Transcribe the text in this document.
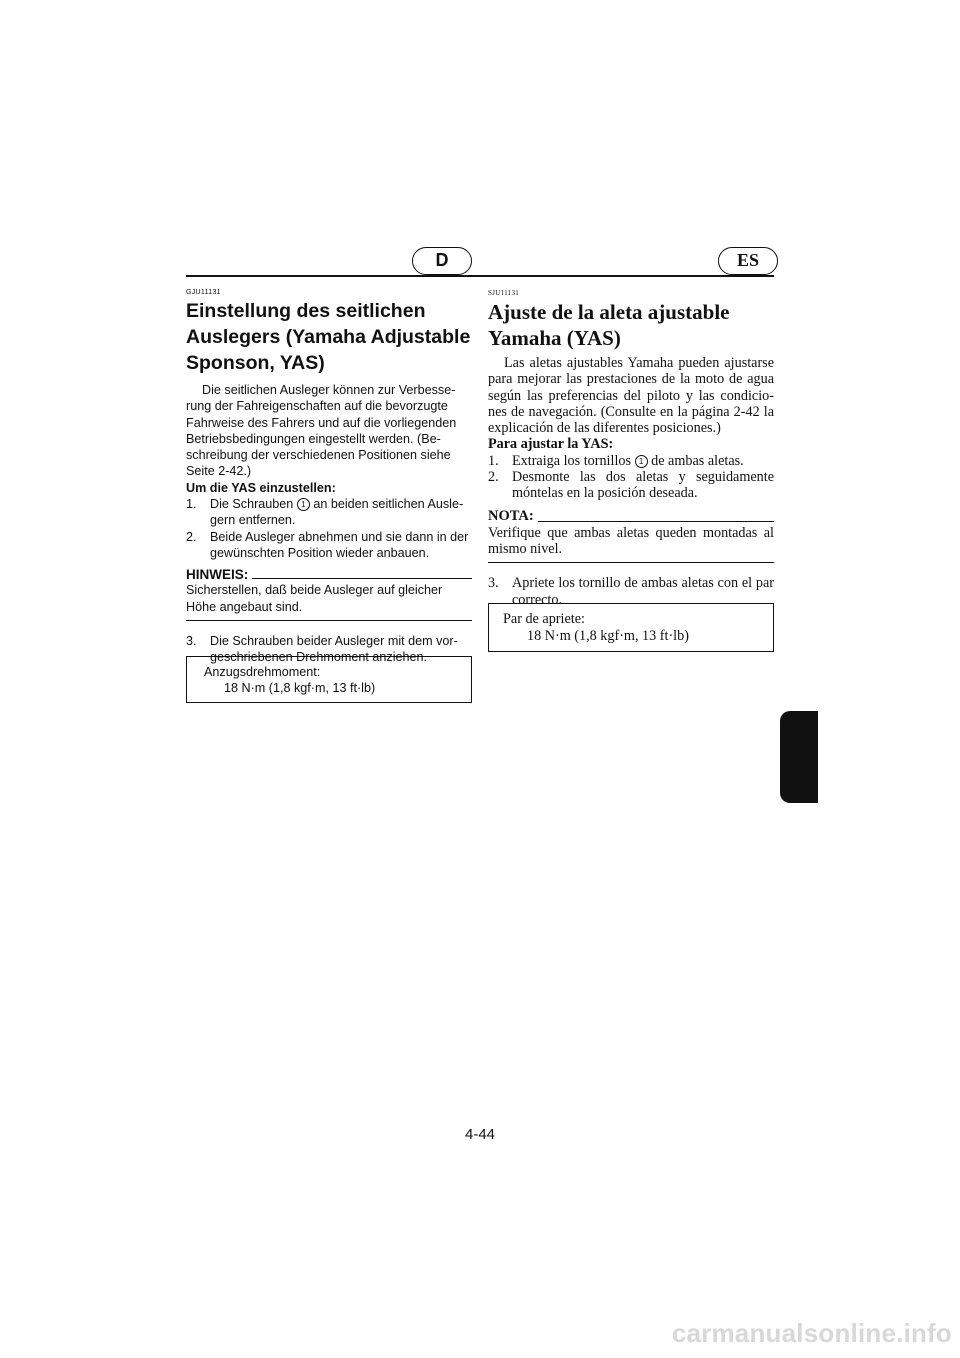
D	ES
GJU11131
Einstellung des seitlichen Auslegers (Yamaha Adjustable Sponson, YAS)

Die seitlichen Ausleger können zur Verbesse-rung der Fahreigenschaften auf die bevorzugte Fahrweise des Fahrers und auf die vorliegenden Betriebsbedingungen eingestellt werden. (Be-schreibung der verschiedenen Positionen siehe Seite 2-42.)

Um die YAS einzustellen:
1. Die Schrauben 1 an beiden seitlichen Ausle-gern entfernen.
2. Beide Ausleger abnehmen und sie dann in der gewünschten Position wieder anbauen.
HINWEIS:
Sicherstellen, daß beide Ausleger auf gleicher Höhe angebaut sind.
3. Die Schrauben beider Ausleger mit dem vor-geschriebenen Drehmoment anziehen.
Anzugsdrehmoment:
18 N·m (1,8 kgf·m, 13 ft·lb)
SJU11131
Ajuste de la aleta ajustable Yamaha (YAS)

Las aletas ajustables Yamaha pueden ajustarse para mejorar las prestaciones de la moto de agua según las preferencias del piloto y las condicio-nes de navegación. (Consulte en la página 2-42 la explicación de las diferentes posiciones.)

Para ajustar la YAS:
1. Extraiga los tornillos 1 de ambas aletas.
2. Desmonte las dos aletas y seguidamente móntelas en la posición deseada.
NOTA:
Verifique que ambas aletas queden montadas al mismo nivel.
3. Apriete los tornillo de ambas aletas con el par correcto.
Par de apriete:
18 N·m (1,8 kgf·m, 13 ft·lb)
4-44
carmanualsonline.info
